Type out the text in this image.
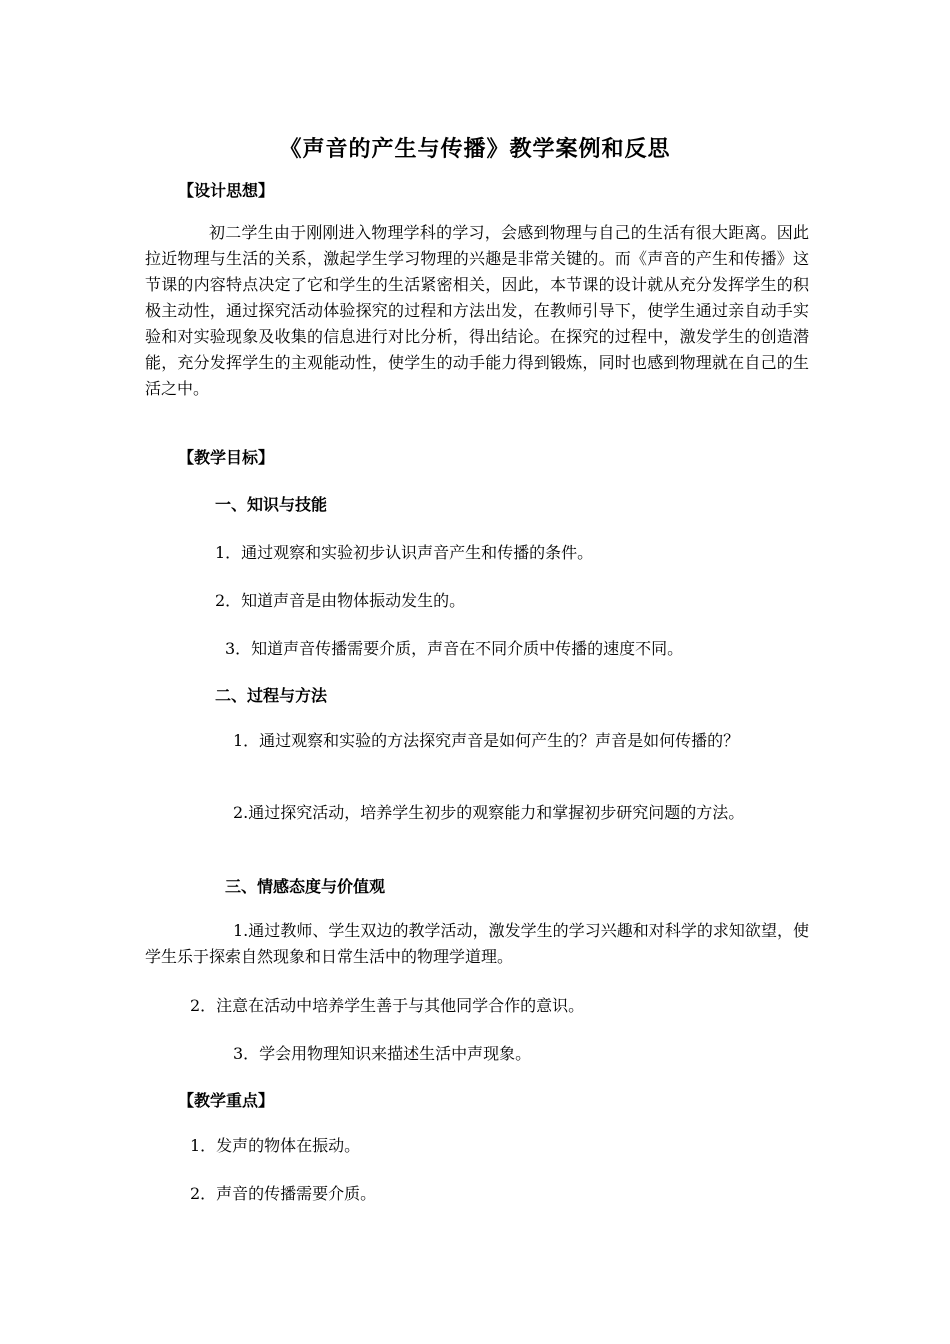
《声音的产生与传播》教学案例和反思
【设计思想】
初二学生由于刚刚进入物理学科的学习，会感到物理与自己的生活有很大距离。因此拉近物理与生活的关系，激起学生学习物理的兴趣是非常关键的。而《声音的产生和传播》这节课的内容特点决定了它和学生的生活紧密相关，因此，本节课的设计就从充分发挥学生的积极主动性，通过探究活动体验探究的过程和方法出发，在教师引导下，使学生通过亲自动手实验和对实验现象及收集的信息进行对比分析，得出结论。在探究的过程中，激发学生的创造潜能，充分发挥学生的主观能动性，使学生的动手能力得到锻炼，同时也感到物理就在自己的生活之中。
【教学目标】
一、知识与技能
1．通过观察和实验初步认识声音产生和传播的条件。
2．知道声音是由物体振动发生的。
3．知道声音传播需要介质，声音在不同介质中传播的速度不同。
二、过程与方法
1．通过观察和实验的方法探究声音是如何产生的？声音是如何传播的？
2.通过探究活动，培养学生初步的观察能力和掌握初步研究问题的方法。
三、情感态度与价值观
1.通过教师、学生双边的教学活动，激发学生的学习兴趣和对科学的求知欲望，使学生乐于探索自然现象和日常生活中的物理学道理。
2．注意在活动中培养学生善于与其他同学合作的意识。
3．学会用物理知识来描述生活中声现象。
【教学重点】
1．发声的物体在振动。
2．声音的传播需要介质。
